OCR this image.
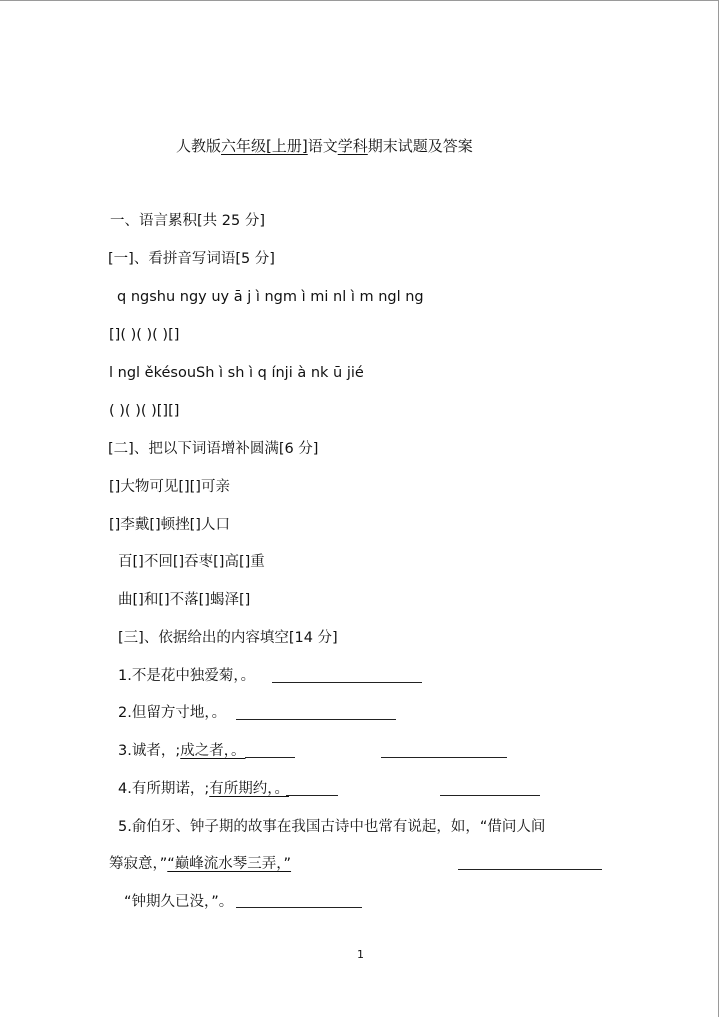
人教版六年级[上册]语文学科期末试题及答案
一、语言累积[共 25 分]
[一]、看拼音写词语[5 分]
q ngshu ngy uy ā j ì ngm ì mi nl ì m ngl ng
[]( )( )( )[]
l ngl ěkésouSh ì sh ì q ínji à nk ū jié
( )( )( )[][]
[二]、把以下词语增补圆满[6 分]
[]大物可见[][]可亲
[]李戴[]顿挫[]人口
百[]不回[]吞枣[]高[]重
曲[]和[]不落[]蝎泽[]
[三]、依据给出的内容填空[14 分]
1.不是花中独爱菊，。
2.但留方寸地，。
3.诚者，;成之者，。
4.有所期诺，;有所期约，。
5.俞伯牙、钟子期的故事在我国古诗中也常有说起，如，“借问人间
筹寂意，”“巅峰流水琴三弄，”
“钟期久已没，”。
1
